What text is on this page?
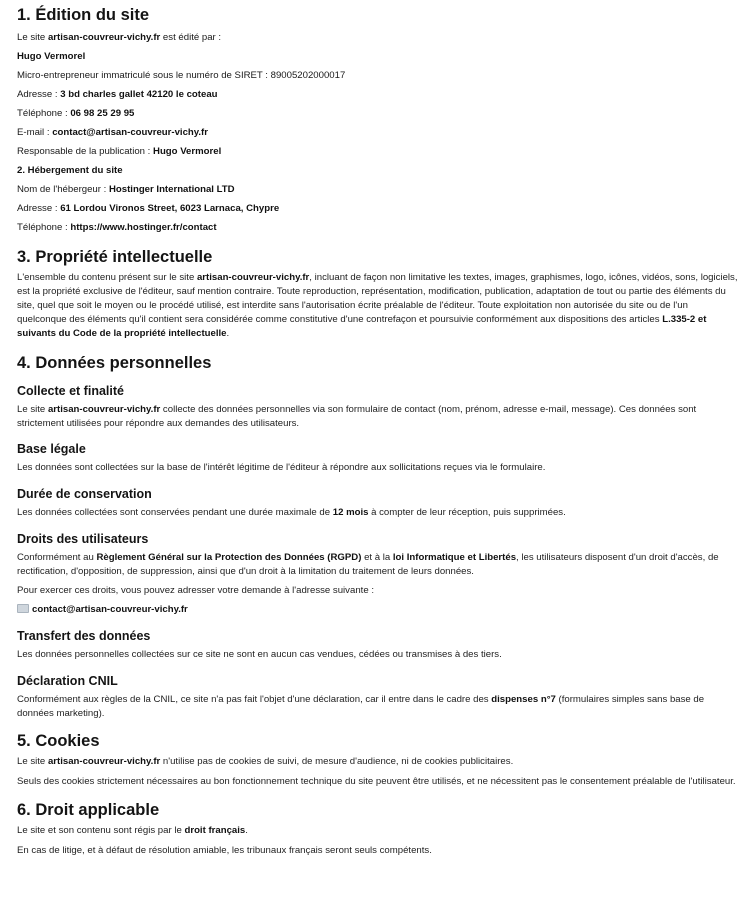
1. Édition du site
Le site artisan-couvreur-vichy.fr est édité par :
Hugo Vermorel
Micro-entrepreneur immatriculé sous le numéro de SIRET : 89005202000017
Adresse : 3 bd charles gallet 42120 le coteau
Téléphone : 06 98 25 29 95
E-mail : contact@artisan-couvreur-vichy.fr
Responsable de la publication : Hugo Vermorel
2. Hébergement du site
Nom de l'hébergeur : Hostinger International LTD
Adresse : 61 Lordou Vironos Street, 6023 Larnaca, Chypre
Téléphone : https://www.hostinger.fr/contact
3. Propriété intellectuelle

L'ensemble du contenu présent sur le site artisan-couvreur-vichy.fr, incluant de façon non limitative les textes, images, graphismes, logo, icônes, vidéos, sons, logiciels, est la propriété exclusive de l'éditeur, sauf mention contraire. Toute reproduction, représentation, modification, publication, adaptation de tout ou partie des éléments du site, quel que soit le moyen ou le procédé utilisé, est interdite sans l'autorisation écrite préalable de l'éditeur. Toute exploitation non autorisée du site ou de l'un quelconque des éléments qu'il contient sera considérée comme constitutive d'une contrefaçon et poursuivie conformément aux dispositions des articles L.335-2 et suivants du Code de la propriété intellectuelle.

4. Données personnelles
Collecte et finalité

Le site artisan-couvreur-vichy.fr collecte des données personnelles via son formulaire de contact (nom, prénom, adresse e-mail, message). Ces données sont strictement utilisées pour répondre aux demandes des utilisateurs.

Base légale

Les données sont collectées sur la base de l'intérêt légitime de l'éditeur à répondre aux sollicitations reçues via le formulaire.

Durée de conservation

Les données collectées sont conservées pendant une durée maximale de 12 mois à compter de leur réception, puis supprimées.

Droits des utilisateurs

Conformément au Règlement Général sur la Protection des Données (RGPD) et à la loi Informatique et Libertés, les utilisateurs disposent d'un droit d'accès, de rectification, d'opposition, de suppression, ainsi que d'un droit à la limitation du traitement de leurs données.

Pour exercer ces droits, vous pouvez adresser votre demande à l'adresse suivante :

contact@artisan-couvreur-vichy.fr

Transfert des données

Les données personnelles collectées sur ce site ne sont en aucun cas vendues, cédées ou transmises à des tiers.

Déclaration CNIL

Conformément aux règles de la CNIL, ce site n'a pas fait l'objet d'une déclaration, car il entre dans le cadre des dispenses n°7 (formulaires simples sans base de données marketing).

5. Cookies

Le site artisan-couvreur-vichy.fr n'utilise pas de cookies de suivi, de mesure d'audience, ni de cookies publicitaires.

Seuls des cookies strictement nécessaires au bon fonctionnement technique du site peuvent être utilisés, et ne nécessitent pas le consentement préalable de l'utilisateur.

6. Droit applicable

Le site et son contenu sont régis par le droit français.

En cas de litige, et à défaut de résolution amiable, les tribunaux français seront seuls compétents.
